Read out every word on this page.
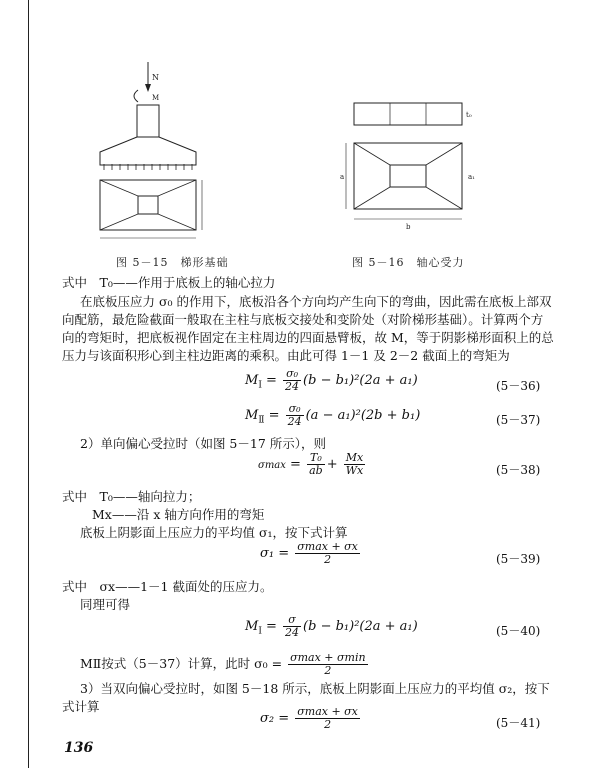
N
M
图 5－15　梯形基础
t₀
a
b
a₁
图 5－16　轴心受力
式中　T₀——作用于底板上的轴心拉力
在底板压应力 σ₀ 的作用下，底板沿各个方向均产生向下的弯曲，因此需在底板上部双
向配筋，最危险截面一般取在主柱与底板交接处和变阶处（对阶梯形基础）。计算两个方
向的弯矩时，把底板视作固定在主柱周边的四面悬臂板，故 M，等于阴影梯形面积上的总
压力与该面积形心到主柱边距离的乘积。由此可得 1－1 及 2－2 截面上的弯矩为
$M_Ⅰ = \frac{\text{σ₀}}{24} (b - b_1)^2(2a + a_1)$	(5－36)
$M_Ⅱ = \frac{\text{σ₀}}{24} (a - a_1)^2(2b + b_1)$	(5－37)
2）单向偏心受拉时（如图 5－17 所示），则
$\sigma\max = \frac{\text{T₀}}{ab} + \frac{Mx}{Wx}$	(5－38)
式中　T₀——轴向拉力；
Mx——沿 x 轴方向作用的弯矩
底板上阴影面上压应力的平均值 σ₁，按下式计算
$\sigma_1 = \frac{\sigma\max + \sigma x}{2}$	(5－39)
式中　σx——1－1 截面处的压应力。
同理可得
$M_Ⅰ = \frac{\sigma}{24} (b - b_1)^2(2a + a_1)$	(5－40)
MⅡ按式（5－37）计算，此时 $\sigma_0 = \frac{\sigma\max + \sigma\min}{2}$
3）当双向偏心受拉时，如图 5－18 所示，底板上阴影面上压应力的平均值 σ₂，按下
式计算
$\sigma_2 = \frac{\sigma\max + \sigma x}{2}$	(5－41)
136
